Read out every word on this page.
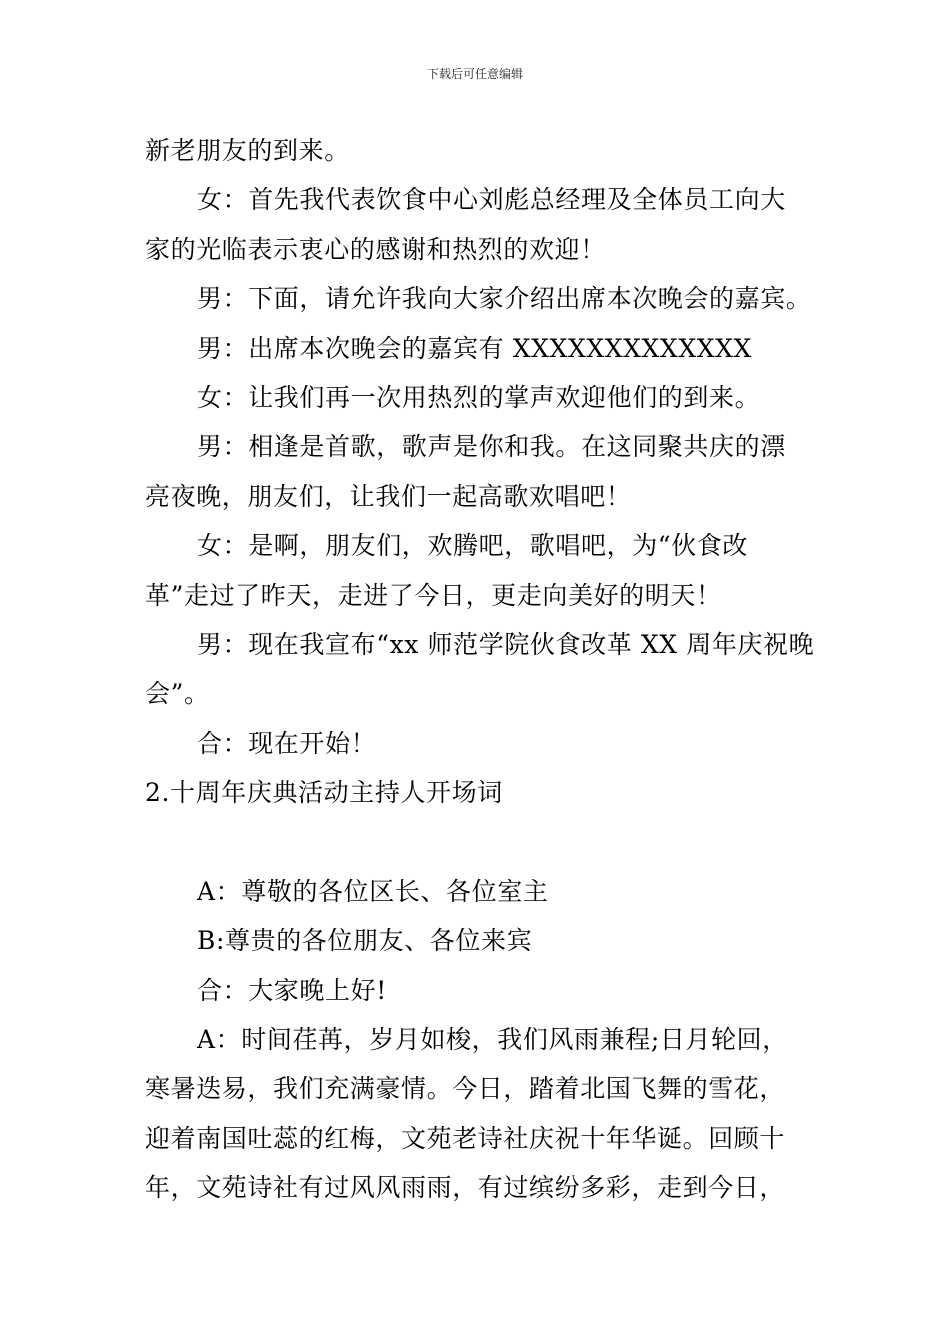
下载后可任意编辑
新老朋友的到来。
女：首先我代表饮食中心刘彪总经理及全体员工向大
家的光临表示衷心的感谢和热烈的欢迎！
男：下面，请允许我向大家介绍出席本次晚会的嘉宾。
男：出席本次晚会的嘉宾有 XXXXXXXXXXXXX
女：让我们再一次用热烈的掌声欢迎他们的到来。
男：相逢是首歌，歌声是你和我。在这同聚共庆的漂
亮夜晚，朋友们，让我们一起高歌欢唱吧！
女：是啊，朋友们，欢腾吧，歌唱吧，为“伙食改
革”走过了昨天，走进了今日，更走向美好的明天！
男：现在我宣布“xx 师范学院伙食改革 XX 周年庆祝晚
会”。
合：现在开始！
2.十周年庆典活动主持人开场词
A：尊敬的各位区长、各位室主
B:尊贵的各位朋友、各位来宾
合：大家晚上好!
A：时间荏苒，岁月如梭，我们风雨兼程;日月轮回，
寒暑迭易，我们充满豪情。今日，踏着北国飞舞的雪花，
迎着南国吐蕊的红梅，文苑老诗社庆祝十年华诞。回顾十
年，文苑诗社有过风风雨雨，有过缤纷多彩，走到今日，
